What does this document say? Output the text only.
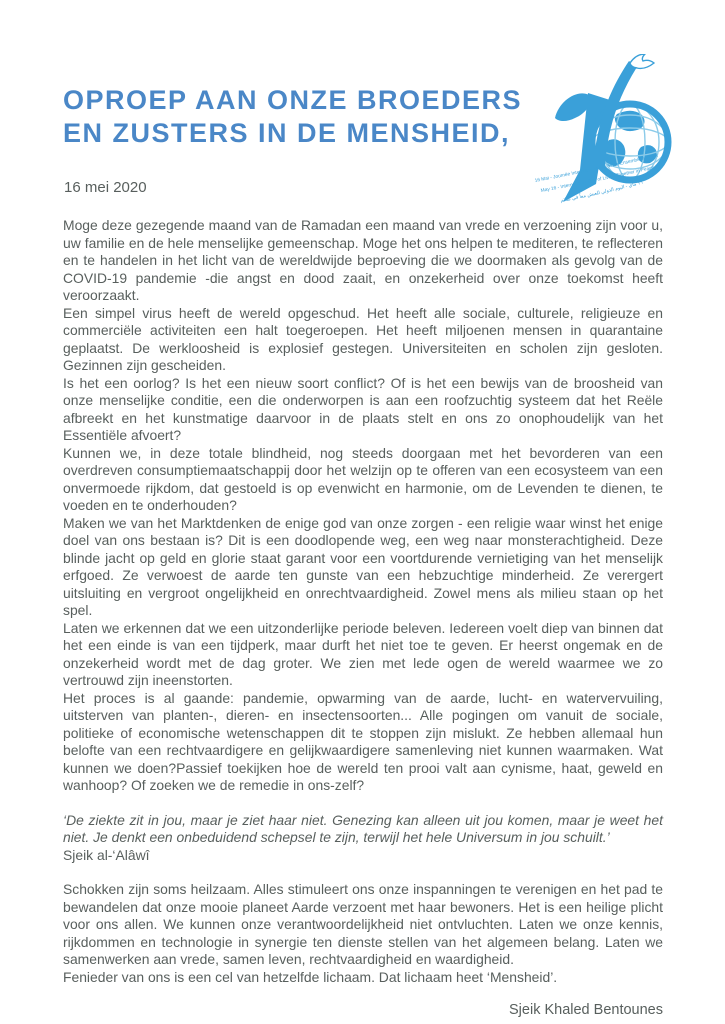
OPROEP AAN ONZE BROEDERS
EN ZUSTERS IN DE MENSHEID,
16 Mai - Journée Internationale du Vivre Ensemble en Paix
May 16 - International Day of Living Together in Peace
١٦ ماي - اليوم الدولي للعيش معاً في سلام
16 mei 2020

Moge deze gezegende maand van de Ramadan een maand van vrede en verzoening zijn voor u, uw familie en de hele menselijke gemeenschap. Moge het ons helpen te mediteren, te reflecteren en te handelen in het licht van de wereldwijde beproeving die we doormaken als gevolg van de COVID-19 pandemie -die angst en dood zaait, en onzekerheid over onze toekomst heeft veroorzaakt.

Een simpel virus heeft de wereld opgeschud. Het heeft alle sociale, culturele, religieuze en commerciële activiteiten een halt toegeroepen. Het heeft miljoenen mensen in quarantaine geplaatst. De werkloosheid is explosief gestegen. Universiteiten en scholen zijn gesloten. Gezinnen zijn gescheiden.

Is het een oorlog? Is het een nieuw soort conflict? Of is het een bewijs van de broosheid van onze menselijke conditie, een die onderworpen is aan een roofzuchtig systeem dat het Reële afbreekt en het kunstmatige daarvoor in de plaats stelt en ons zo onophoudelijk van het Essentiële afvoert?

Kunnen we, in deze totale blindheid, nog steeds doorgaan met het bevorderen van een overdreven consumptiemaatschappij door het welzijn op te offeren van een ecosysteem van een onvermoede rijkdom, dat gestoeld is op evenwicht en harmonie, om de Levenden te dienen, te voeden en te onderhouden?

Maken we van het Marktdenken de enige god van onze zorgen - een religie waar winst het enige doel van ons bestaan is? Dit is een doodlopende weg, een weg naar monsterachtigheid. Deze blinde jacht op geld en glorie staat garant voor een voortdurende vernietiging van het menselijk erfgoed. Ze verwoest de aarde ten gunste van een hebzuchtige minderheid. Ze verergert uitsluiting en vergroot ongelijkheid en onrechtvaardigheid. Zowel mens als milieu staan op het spel.

Laten we erkennen dat we een uitzonderlijke periode beleven. Iedereen voelt diep van binnen dat het een einde is van een tijdperk, maar durft het niet toe te geven. Er heerst ongemak en de onzekerheid wordt met de dag groter. We zien met lede ogen de wereld waarmee we zo vertrouwd zijn ineenstorten.

Het proces is al gaande: pandemie, opwarming van de aarde, lucht- en watervervuiling, uitsterven van planten-, dieren- en insectensoorten... Alle pogingen om vanuit de sociale, politieke of economische wetenschappen dit te stoppen zijn mislukt. Ze hebben allemaal hun belofte van een rechtvaardigere en gelijkwaardigere samenleving niet kunnen waarmaken. Wat kunnen we doen?Passief toekijken hoe de wereld ten prooi valt aan cynisme, haat, geweld en wanhoop? Of zoeken we de remedie in ons-zelf?

‘De ziekte zit in jou, maar je ziet haar niet. Genezing kan alleen uit jou komen, maar je weet het niet. Je denkt een onbeduidend schepsel te zijn, terwijl het hele Universum in jou schuilt.’

Sjeik al-‘Alâwî

Schokken zijn soms heilzaam. Alles stimuleert ons onze inspanningen te verenigen en het pad te bewandelen dat onze mooie planeet Aarde verzoent met haar bewoners. Het is een heilige plicht voor ons allen. We kunnen onze verantwoordelijkheid niet ontvluchten. Laten we onze kennis, rijkdommen en technologie in synergie ten dienste stellen van het algemeen belang. Laten we samenwerken aan vrede, samen leven, rechtvaardigheid en waardigheid.

Fenieder van ons is een cel van hetzelfde lichaam. Dat lichaam heet ‘Mensheid’.

Sjeik Khaled Bentounes
